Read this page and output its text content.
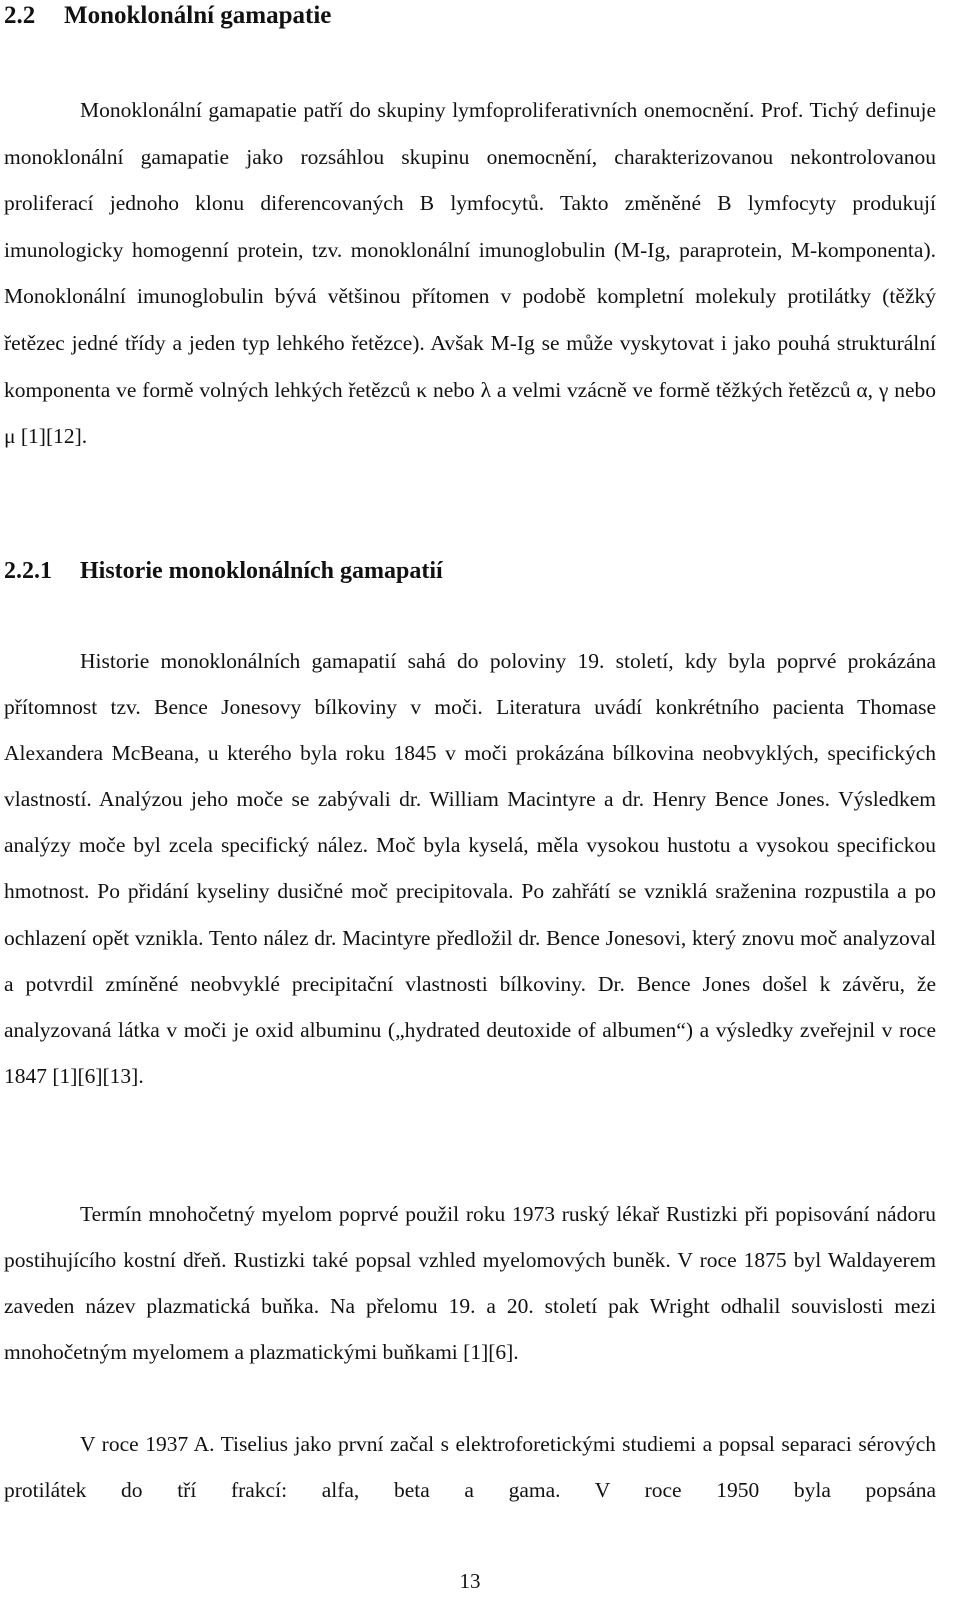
2.2 Monoklonální gamapatie

Monoklonální gamapatie patří do skupiny lymfoproliferativních onemocnění. Prof. Tichý definuje monoklonální gamapatie jako rozsáhlou skupinu onemocnění, charakterizovanou nekontrolovanou proliferací jednoho klonu diferencovaných B lymfocytů. Takto změněné B lymfocyty produkují imunologicky homogenní protein, tzv. monoklonální imunoglobulin (M-Ig, paraprotein, M-komponenta). Monoklonální imunoglobulin bývá většinou přítomen v podobě kompletní molekuly protilátky (těžký řetězec jedné třídy a jeden typ lehkého řetězce). Avšak M-Ig se může vyskytovat i jako pouhá strukturální komponenta ve formě volných lehkých řetězců κ nebo λ a velmi vzácně ve formě těžkých řetězců α, γ nebo μ [1][12].

2.2.1 Historie monoklonálních gamapatií

Historie monoklonálních gamapatií sahá do poloviny 19. století, kdy byla poprvé prokázána přítomnost tzv. Bence Jonesovy bílkoviny v moči. Literatura uvádí konkrétního pacienta Thomase Alexandera McBeana, u kterého byla roku 1845 v moči prokázána bílkovina neobvyklých, specifických vlastností. Analýzou jeho moče se zabývali dr. William Macintyre a dr. Henry Bence Jones. Výsledkem analýzy moče byl zcela specifický nález. Moč byla kyselá, měla vysokou hustotu a vysokou specifickou hmotnost. Po přidání kyseliny dusičné moč precipitovala. Po zahřátí se vzniklá sraženina rozpustila a po ochlazení opět vznikla. Tento nález dr. Macintyre předložil dr. Bence Jonesovi, který znovu moč analyzoval a potvrdil zmíněné neobvyklé precipitační vlastnosti bílkoviny. Dr. Bence Jones došel k závěru, že analyzovaná látka v moči je oxid albuminu („hydrated deutoxide of albumen“) a výsledky zveřejnil v roce 1847 [1][6][13].

Termín mnohočetný myelom poprvé použil roku 1973 ruský lékař Rustizki při popisování nádoru postihujícího kostní dřeň. Rustizki také popsal vzhled myelomových buněk. V roce 1875 byl Waldayerem zaveden název plazmatická buňka. Na přelomu 19. a 20. století pak Wright odhalil souvislosti mezi mnohočetným myelomem a plazmatickými buňkami [1][6].

V roce 1937 A. Tiselius jako první začal s elektroforetickými studiemi a popsal separaci sérových protilátek do tří frakcí: alfa, beta a gama. V roce 1950 byla popsána

13
